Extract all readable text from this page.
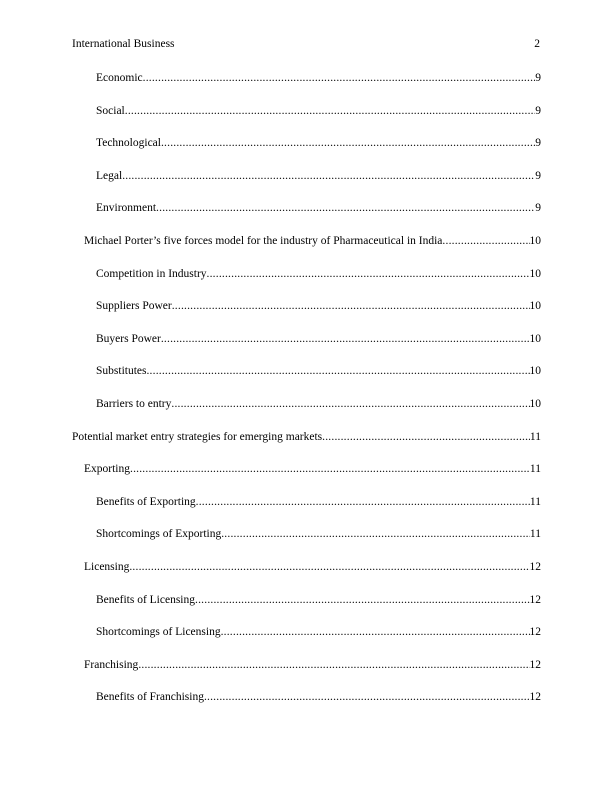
International Business	2
Economic .....	9
Social .....	9
Technological .....	9
Legal .....	9
Environment .....	9
Michael Porter’s five forces model for the industry of Pharmaceutical in India .....	10
Competition in Industry .....	10
Suppliers Power .....	10
Buyers Power .....	10
Substitutes .....	10
Barriers to entry .....	10
Potential market entry strategies for emerging markets .....	11
Exporting .....	11
Benefits of Exporting .....	11
Shortcomings of Exporting .....	11
Licensing .....	12
Benefits of Licensing .....	12
Shortcomings of Licensing .....	12
Franchising .....	12
Benefits of Franchising .....	12
